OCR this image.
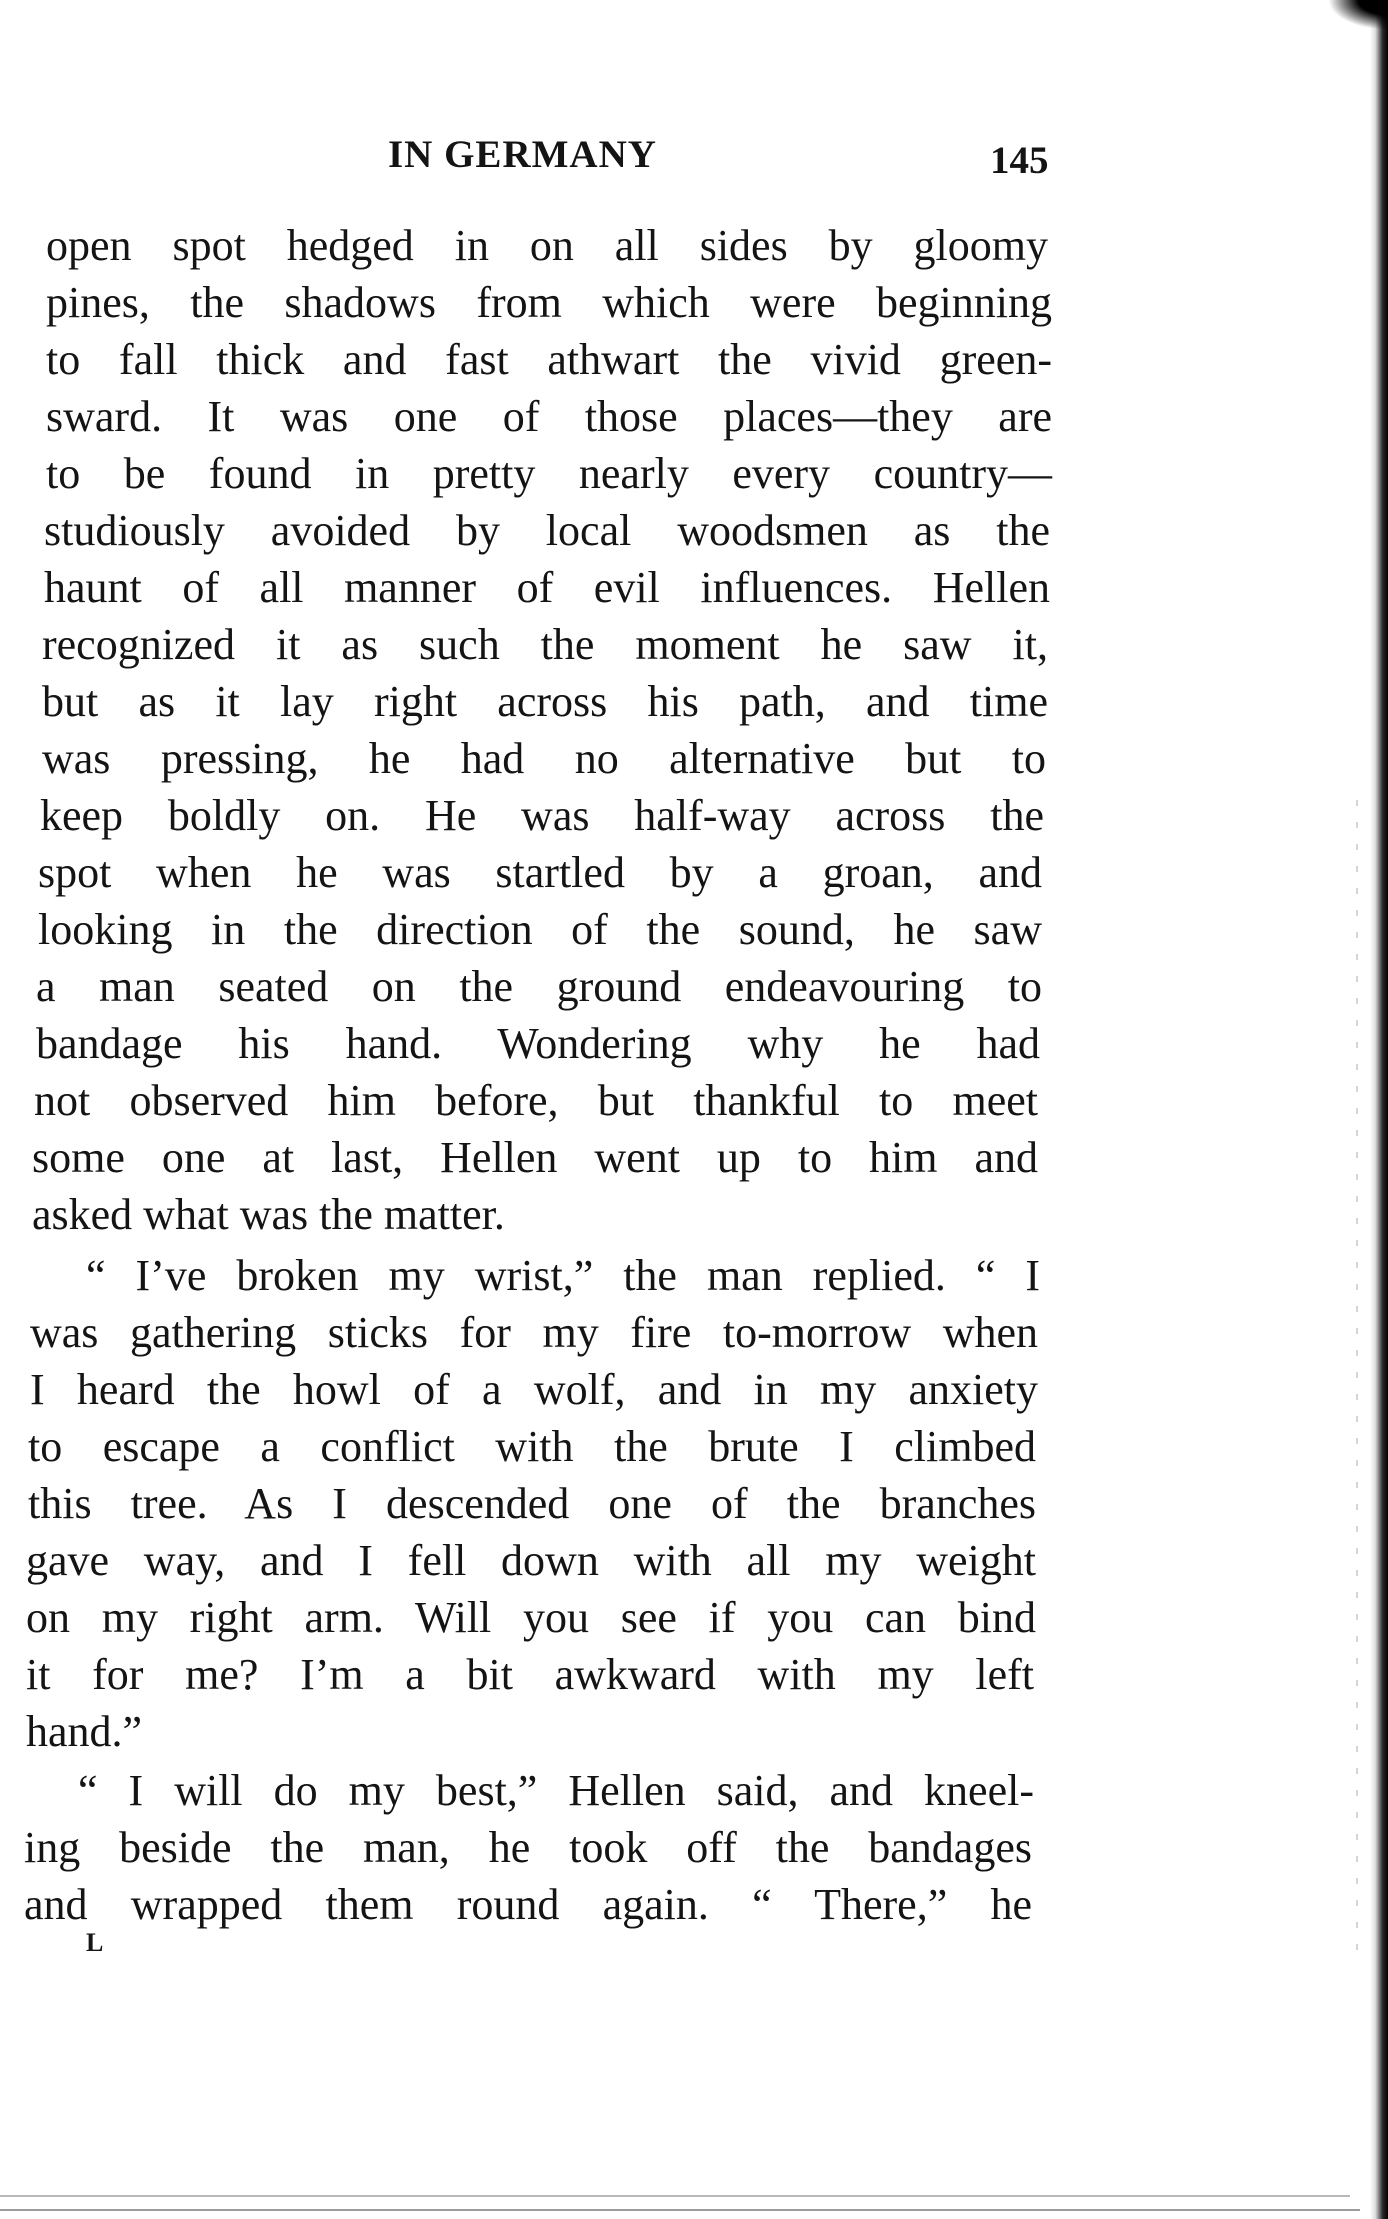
IN GERMANY	145
open spot hedged in on all sides by gloomy
pines, the shadows from which were beginning
to fall thick and fast athwart the vivid green-
sward. It was one of those places—they are
to be found in pretty nearly every country—
studiously avoided by local woodsmen as the
haunt of all manner of evil influences. Hellen
recognized it as such the moment he saw it,
but as it lay right across his path, and time
was pressing, he had no alternative but to
keep boldly on. He was half-way across the
spot when he was startled by a groan, and
looking in the direction of the sound, he saw
a man seated on the ground endeavouring to
bandage his hand. Wondering why he had
not observed him before, but thankful to meet
some one at last, Hellen went up to him and
asked what was the matter.
“ I’ve broken my wrist,” the man replied. “ I
was gathering sticks for my fire to-morrow when
I heard the howl of a wolf, and in my anxiety
to escape a conflict with the brute I climbed
this tree. As I descended one of the branches
gave way, and I fell down with all my weight
on my right arm. Will you see if you can bind
it for me? I’m a bit awkward with my left
hand.”
“ I will do my best,” Hellen said, and kneel-
ing beside the man, he took off the bandages
and wrapped them round again. “ There,” he
L
